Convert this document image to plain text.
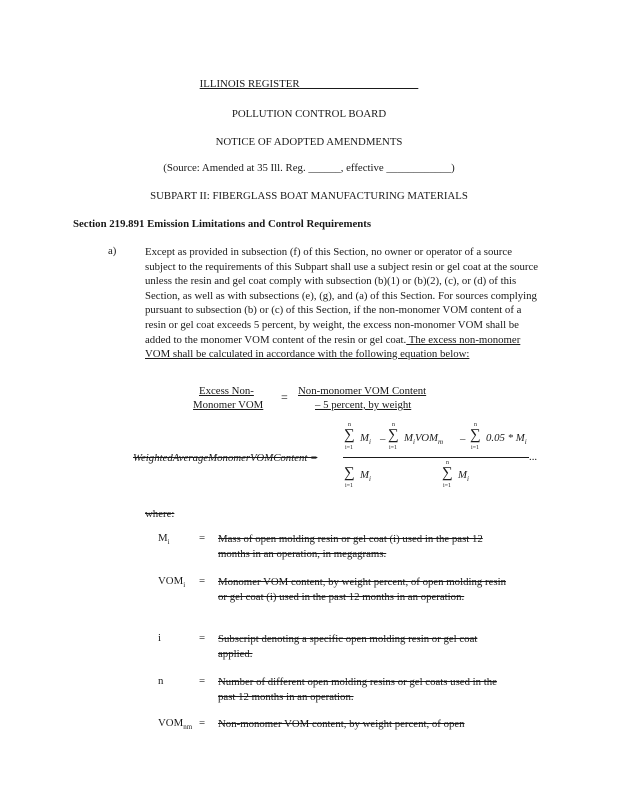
ILLINOIS REGISTER
POLLUTION CONTROL BOARD
NOTICE OF ADOPTED AMENDMENTS
(Source: Amended at 35 Ill. Reg. ______, effective ____________)
SUBPART II: FIBERGLASS BOAT MANUFACTURING MATERIALS
Section 219.891 Emission Limitations and Control Requirements
a)	Except as provided in subsection (f) of this Section, no owner or operator of a source subject to the requirements of this Subpart shall use a subject resin or gel coat at the source unless the resin and gel coat comply with subsection (b)(1) or (b)(2), (c), or (d) of this Section, as well as with subsections (e), (g), and (a) of this Section. For sources complying pursuant to subsection (b) or (c) of this Section, if the non-monomer VOM content of a resin or gel coat exceeds 5 percent, by weight, the excess non-monomer VOM shall be added to the monomer VOM content of the resin or gel coat. The excess non-monomer VOM shall be calculated in accordance with the following equation below:
Excess Non-
Monomer VOM
= Non-monomer VOM Content
– 5 percent, by weight
WeightedAverageMonomerVOMContent =
n
∑
i=1
$M_i$ –
n
∑
i=1
$M_iVOM_m$ –
n
∑
i=1
$0.05 * M_i$
...
∑
i=1
$M_i$
n
∑
i=1
$M_i$
where:
$M_i$	= Mass of open molding resin or gel coat (i) used in the past 12 months in an operation, in megagrams.
$VOM_i$ = Monomer VOM content, by weight percent, of open molding resin or gel coat (i) used in the past 12 months in an operation.
i	= Subscript denoting a specific open molding resin or gel coat applied.
n	= Number of different open molding resins or gel coats used in the past 12 months in an operation.
$VOM_{nm}$ = Non-monomer VOM content, by weight percent, of open
